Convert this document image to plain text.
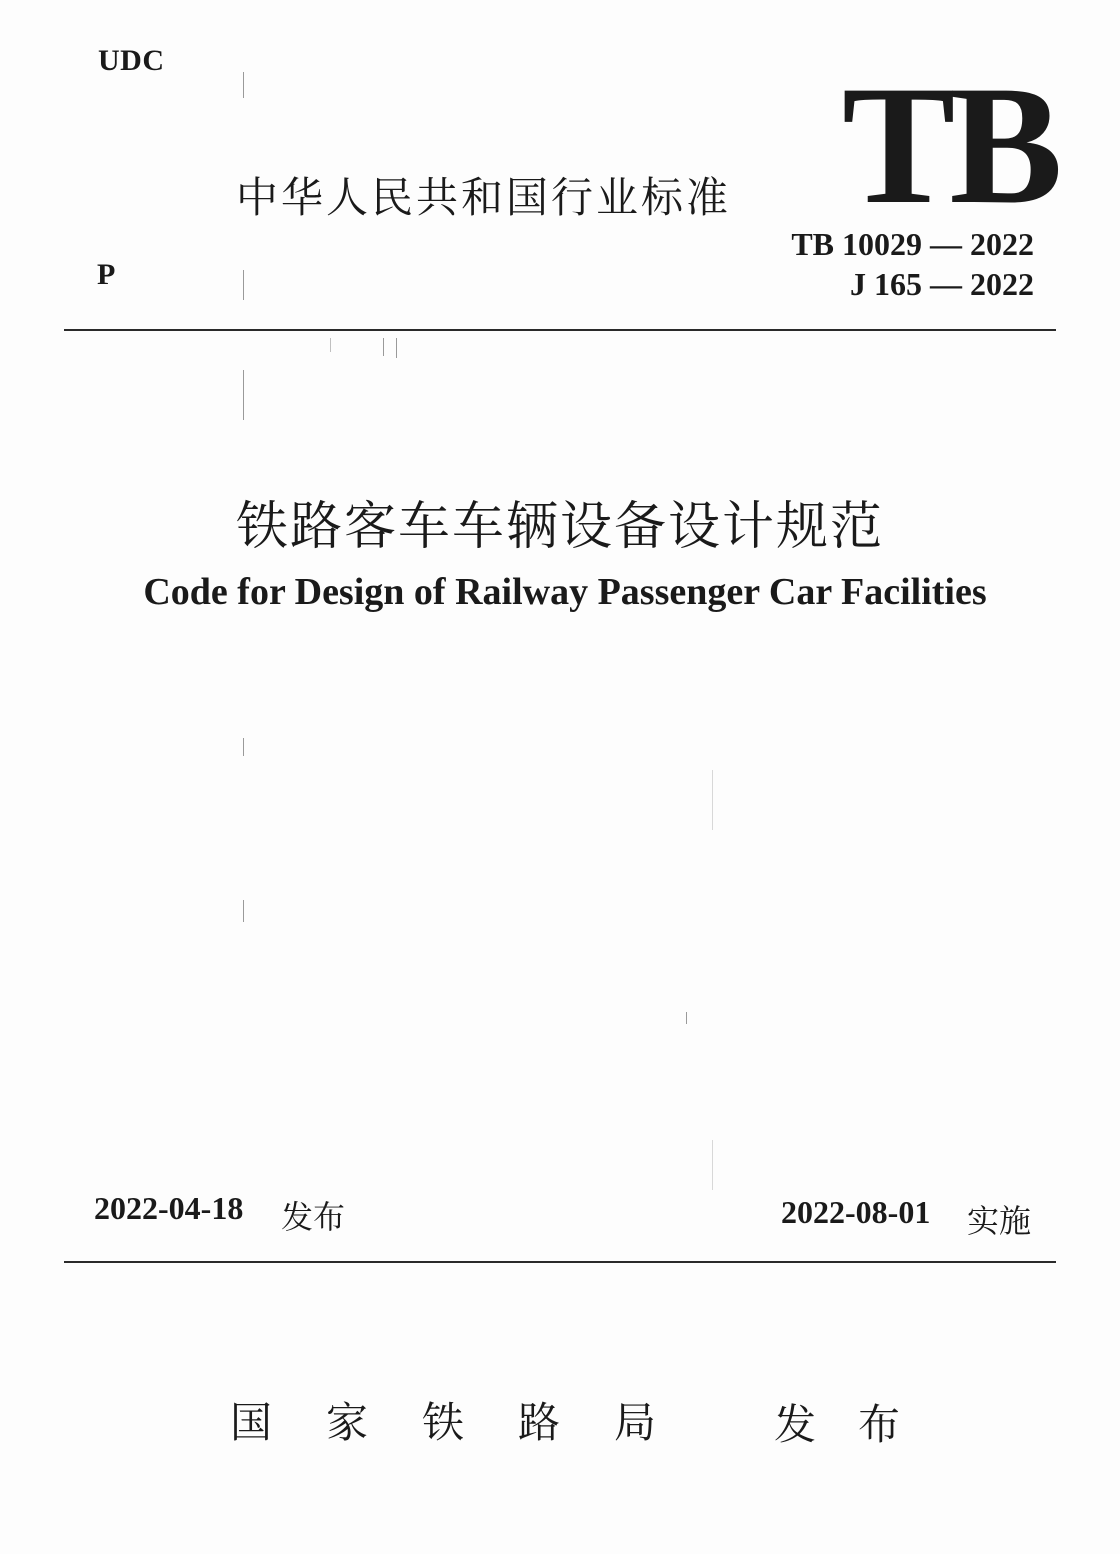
UDC
中华人民共和国行业标准 TB
TB 10029 — 2022
J 165 — 2022
P
铁路客车车辆设备设计规范
Code for Design of Railway Passenger Car Facilities
2022-04-18 发布	2022-08-01 实施
国家铁路局 发布
